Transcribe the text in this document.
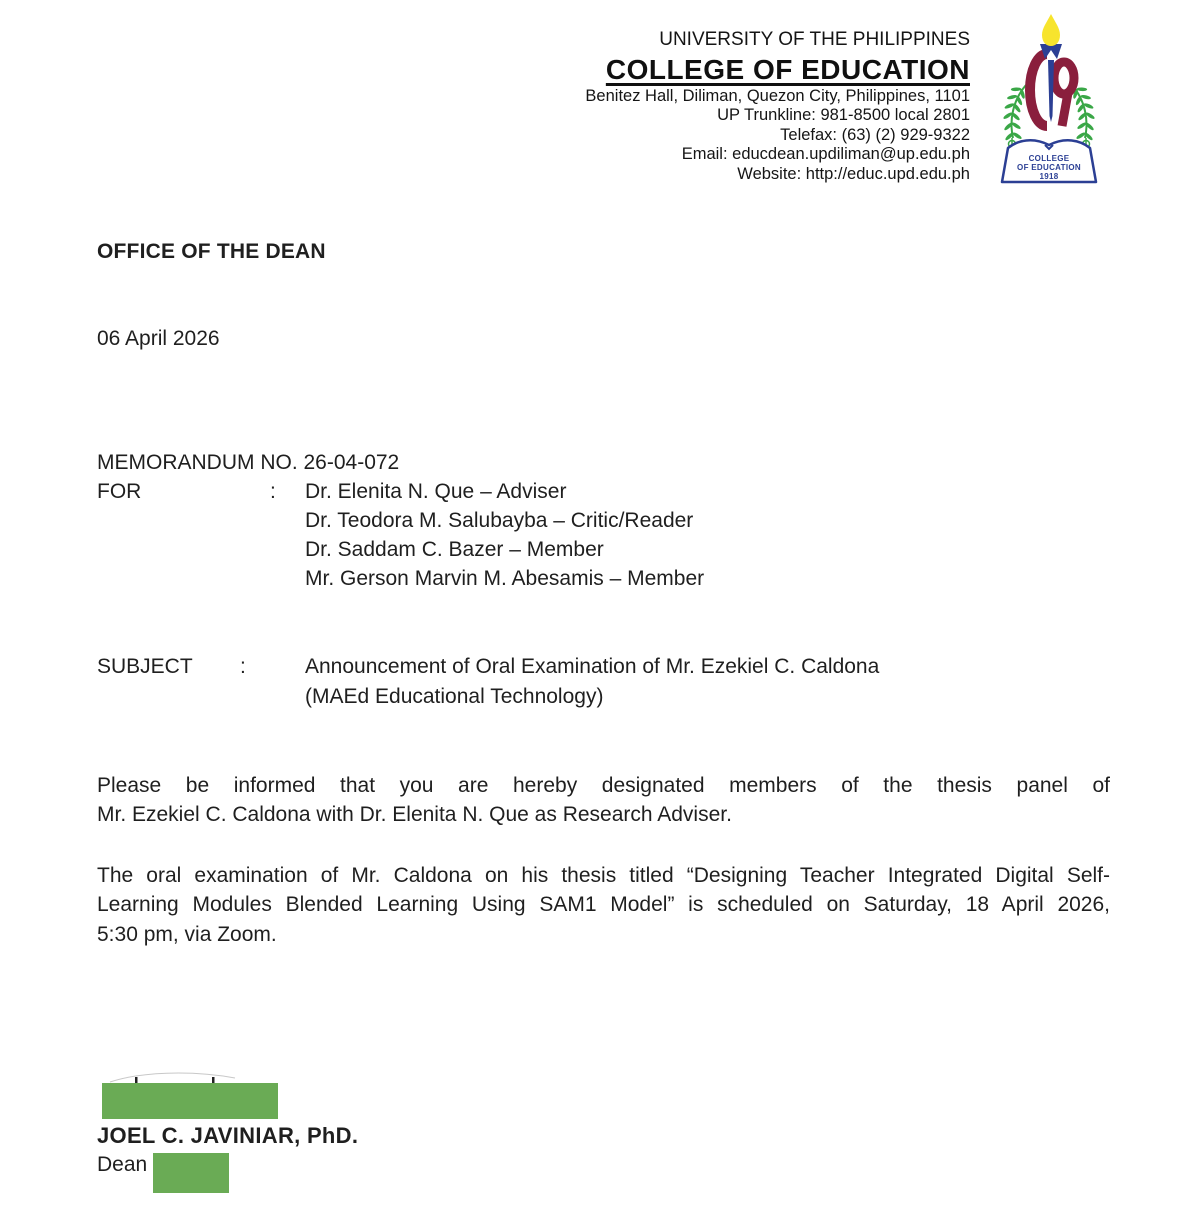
UNIVERSITY OF THE PHILIPPINES
COLLEGE OF EDUCATION
Benitez Hall, Diliman, Quezon City, Philippines, 1101
UP Trunkline: 981-8500 local 2801
Telefax: (63) (2) 929-9322
Email: educdean.updiliman@up.edu.ph
Website: http://educ.upd.edu.ph
COLLEGE
OF EDUCATION
1918
OFFICE OF THE DEAN
06 April 2026
MEMORANDUM NO. 26-04-072
FOR	: Dr. Elenita N. Que – Adviser
Dr. Teodora M. Salubayba – Critic/Reader
Dr. Saddam C. Bazer – Member
Mr. Gerson Marvin M. Abesamis – Member
SUBJECT :	Announcement of Oral Examination of Mr. Ezekiel C. Caldona
(MAEd Educational Technology)
Please be informed that you are hereby designated members of the thesis panel of
Mr. Ezekiel C. Caldona with Dr. Elenita N. Que as Research Adviser.
The oral examination of Mr. Caldona on his thesis titled “Designing Teacher Integrated Digital Self-
Learning Modules Blended Learning Using SAM1 Model” is scheduled on Saturday, 18 April 2026,
5:30 pm, via Zoom.
JOEL C. JAVINIAR, PhD.
Dean
